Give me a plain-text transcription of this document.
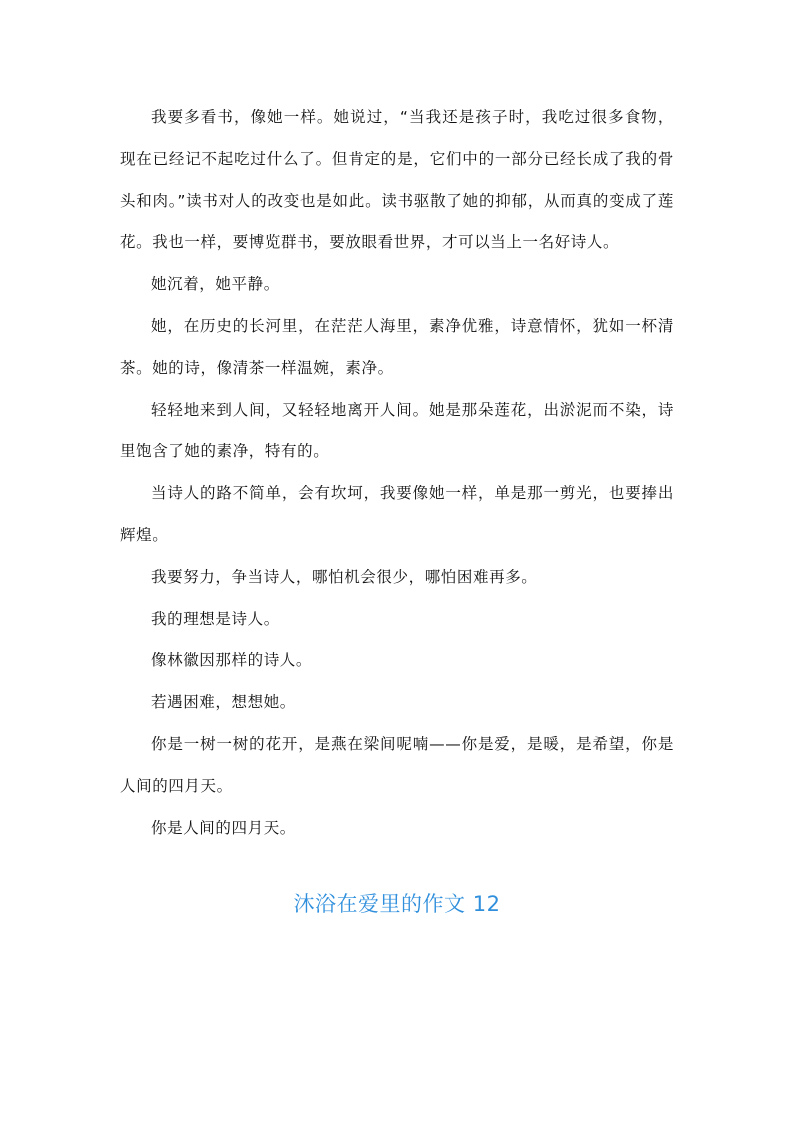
我要多看书，像她一样。她说过，“当我还是孩子时，我吃过很多食物，现在已经记不起吃过什么了。但肯定的是，它们中的一部分已经长成了我的骨头和肉。”读书对人的改变也是如此。读书驱散了她的抑郁，从而真的变成了莲花。我也一样，要博览群书，要放眼看世界，才可以当上一名好诗人。

她沉着，她平静。

她，在历史的长河里，在茫茫人海里，素净优雅，诗意情怀，犹如一杯清茶。她的诗，像清茶一样温婉，素净。

轻轻地来到人间，又轻轻地离开人间。她是那朵莲花，出淤泥而不染，诗里饱含了她的素净，特有的。

当诗人的路不简单，会有坎坷，我要像她一样，单是那一剪光，也要捧出辉煌。

我要努力，争当诗人，哪怕机会很少，哪怕困难再多。

我的理想是诗人。

像林徽因那样的诗人。

若遇困难，想想她。

你是一树一树的花开，是燕在梁间呢喃——你是爱，是暖，是希望，你是人间的四月天。

你是人间的四月天。

沐浴在爱里的作文 12
